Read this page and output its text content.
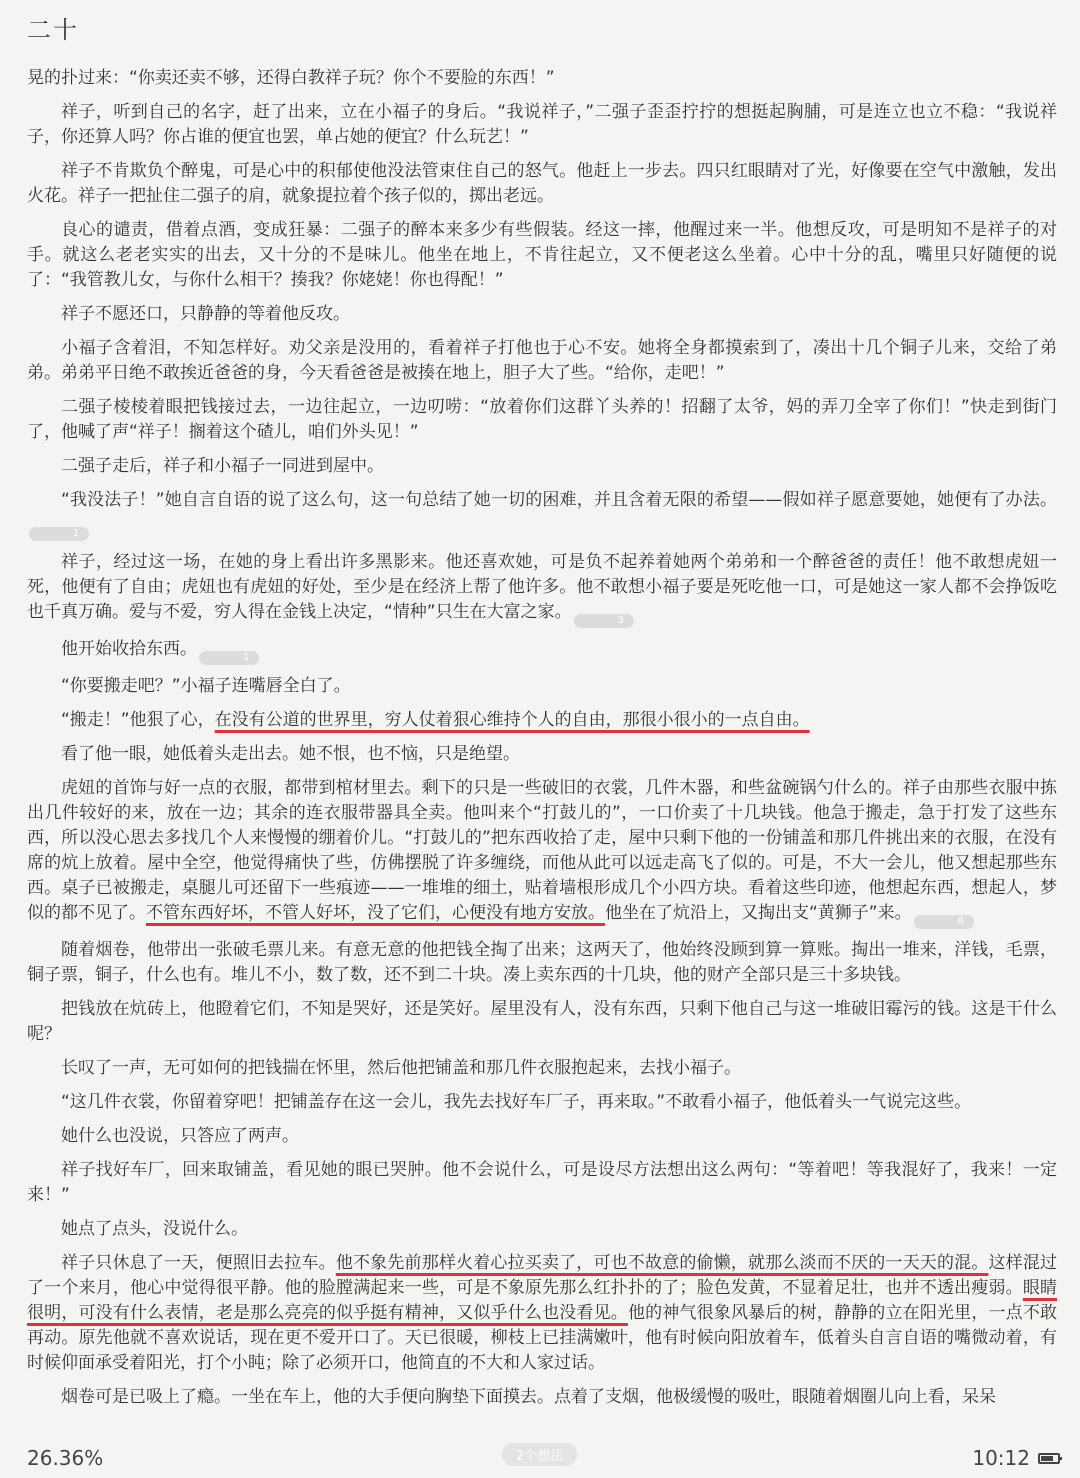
二十

晃的扑过来：“你卖还卖不够，还得白教祥子玩？你个不要脸的东西！”

祥子，听到自己的名字，赶了出来，立在小福子的身后。“我说祥子，”二强子歪歪拧拧的想挺起胸脯，可是连立也立不稳：“我说祥子，你还算人吗？你占谁的便宜也罢，单占她的便宜？什么玩艺！”

祥子不肯欺负个醉鬼，可是心中的积郁使他没法管束住自己的怒气。他赶上一步去。四只红眼睛对了光，好像要在空气中激触，发出火花。祥子一把扯住二强子的肩，就象提拉着个孩子似的，掷出老远。

良心的谴责，借着点酒，变成狂暴：二强子的醉本来多少有些假装。经这一摔，他醒过来一半。他想反攻，可是明知不是祥子的对手。就这么老老实实的出去，又十分的不是味儿。他坐在地上，不肯往起立，又不便老这么坐着。心中十分的乱，嘴里只好随便的说了：“我管教儿女，与你什么相干？揍我？你姥姥！你也得配！”

祥子不愿还口，只静静的等着他反攻。

小福子含着泪，不知怎样好。劝父亲是没用的，看着祥子打他也于心不安。她将全身都摸索到了，凑出十几个铜子儿来，交给了弟弟。弟弟平日绝不敢挨近爸爸的身，今天看爸爸是被揍在地上，胆子大了些。“给你，走吧！”

二强子棱棱着眼把钱接过去，一边往起立，一边叨唠：“放着你们这群丫头养的！招翻了太爷，妈的弄刀全宰了你们！”快走到街门了，他喊了声“祥子！搁着这个碴儿，咱们外头见！”

二强子走后，祥子和小福子一同进到屋中。

“我没法子！”她自言自语的说了这么句，这一句总结了她一切的困难，并且含着无限的希望——假如祥子愿意要她，她便有了办法。1

祥子，经过这一场，在她的身上看出许多黑影来。他还喜欢她，可是负不起养着她两个弟弟和一个醉爸爸的责任！他不敢想虎妞一死，他便有了自由；虎妞也有虎妞的好处，至少是在经济上帮了他许多。他不敢想小福子要是死吃他一口，可是她这一家人都不会挣饭吃也千真万确。爱与不爱，穷人得在金钱上决定，“情种”只生在大富之家。	3

他开始收拾东西。	1

“你要搬走吧？”小福子连嘴唇全白了。

“搬走！”他狠了心，在没有公道的世界里，穷人仗着狠心维持个人的自由，那很小很小的一点自由。

看了他一眼，她低着头走出去。她不恨，也不恼，只是绝望。

虎妞的首饰与好一点的衣服，都带到棺材里去。剩下的只是一些破旧的衣裳，几件木器，和些盆碗锅勺什么的。祥子由那些衣服中拣出几件较好的来，放在一边；其余的连衣服带器具全卖。他叫来个“打鼓儿的”，一口价卖了十几块钱。他急于搬走，急于打发了这些东西，所以没心思去多找几个人来慢慢的绷着价儿。“打鼓儿的”把东西收拾了走，屋中只剩下他的一份铺盖和那几件挑出来的衣服，在没有席的炕上放着。屋中全空，他觉得痛快了些，仿佛摆脱了许多缠绕，而他从此可以远走高飞了似的。可是，不大一会儿，他又想起那些东西。桌子已被搬走，桌腿儿可还留下一些痕迹——一堆堆的细土，贴着墙根形成几个小四方块。看着这些印迹，他想起东西，想起人，梦似的都不见了。不管东西好坏，不管人好坏，没了它们，心便没有地方安放。他坐在了炕沿上，又掏出支“黄狮子”来。	8

随着烟卷，他带出一张破毛票儿来。有意无意的他把钱全掏了出来；这两天了，他始终没顾到算一算账。掏出一堆来，洋钱，毛票，铜子票，铜子，什么也有。堆儿不小，数了数，还不到二十块。凑上卖东西的十几块，他的财产全部只是三十多块钱。

把钱放在炕砖上，他瞪着它们，不知是哭好，还是笑好。屋里没有人，没有东西，只剩下他自己与这一堆破旧霉污的钱。这是干什么呢？

长叹了一声，无可如何的把钱揣在怀里，然后他把铺盖和那几件衣服抱起来，去找小福子。

“这几件衣裳，你留着穿吧！把铺盖存在这一会儿，我先去找好车厂子，再来取。”不敢看小福子，他低着头一气说完这些。

她什么也没说，只答应了两声。

祥子找好车厂，回来取铺盖，看见她的眼已哭肿。他不会说什么，可是设尽方法想出这么两句：“等着吧！等我混好了，我来！一定来！”

她点了点头，没说什么。

祥子只休息了一天，便照旧去拉车。他不象先前那样火着心拉买卖了，可也不故意的偷懒，就那么淡而不厌的一天天的混。这样混过了一个来月，他心中觉得很平静。他的脸膛满起来一些，可是不象原先那么红扑扑的了；脸色发黄，不显着足壮，也并不透出瘦弱。眼睛很明，可没有什么表情，老是那么亮亮的似乎挺有精神，又似乎什么也没看见。他的神气很象风暴后的树，静静的立在阳光里，一点不敢再动。原先他就不喜欢说话，现在更不爱开口了。天已很暖，柳枝上已挂满嫩叶，他有时候向阳放着车，低着头自言自语的嘴微动着，有时候仰面承受着阳光，打个小盹；除了必须开口，他简直的不大和人家过话。

烟卷可是已吸上了瘾。一坐在车上，他的大手便向胸垫下面摸去。点着了支烟，他极缓慢的吸吐，眼随着烟圈儿向上看，呆呆

26.36%	2个想法	10:12
